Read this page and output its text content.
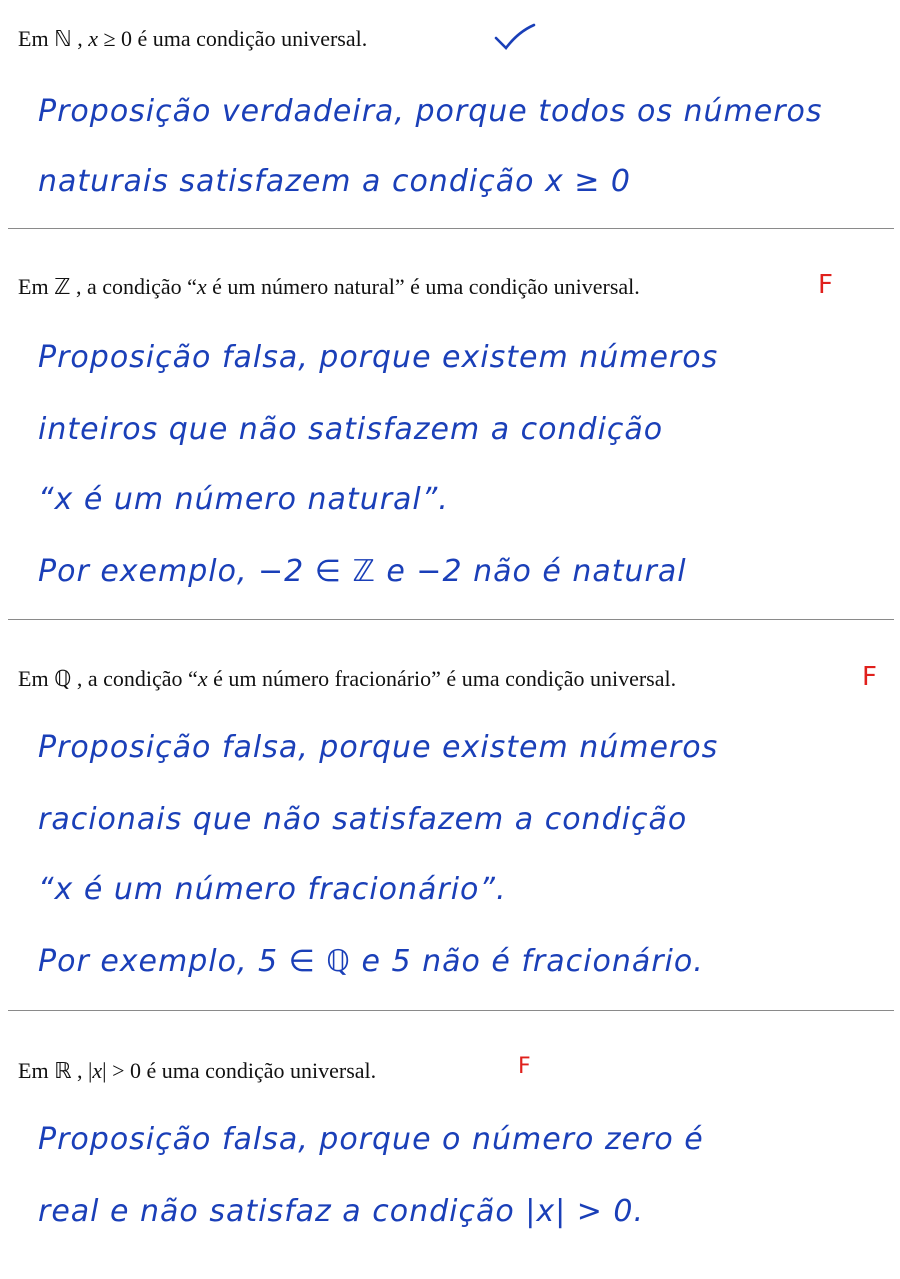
Em ℕ , x ≥ 0 é uma condição universal.
Proposição verdadeira, porque todos os números
naturais satisfazem a condição x ≥ 0
Em ℤ , a condição “x é um número natural” é uma condição universal.	F
Proposição falsa, porque existem números
inteiros que não satisfazem a condição
“x é um número natural”.
Por exemplo, −2 ∈ ℤ e −2 não é natural
Em ℚ , a condição “x é um número fracionário” é uma condição universal.	F
Proposição falsa, porque existem números
racionais que não satisfazem a condição
“x é um número fracionário”.
Por exemplo, 5 ∈ ℚ e 5 não é fracionário.
Em ℝ , |x| > 0 é uma condição universal.	F
Proposição falsa, porque o número zero é
real e não satisfaz a condição |x| > 0.
